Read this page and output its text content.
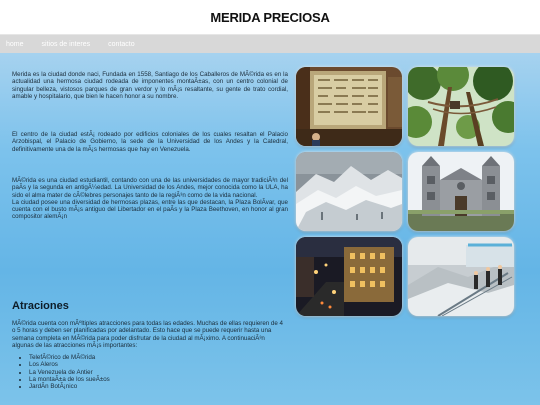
MERIDA PRECIOSA
home	sitios de interes	contacto

Merida es la ciudad donde naci, Fundada en 1558, Santiago de los Caballeros de MÃ©rida es en la actualidad una hermosa ciudad rodeada de imponentes montaÃ±as, con un centro colonial de singular belleza, vistosos parques de gran verdor y lo mÃ¡s resaltante, su gente de trato cordial, amable y hospitalario, que bien le hacen honor a su nombre.

El centro de la ciudad estÃ¡ rodeado por edificios coloniales de los cuales resaltan el Palacio Arzobispal, el Palacio de Gobierno, la sede de la Universidad de los Andes y la Catedral, definitivamente una de la mÃ¡s hermosas que hay en Venezuela.

MÃ©rida es una ciudad estudiantil, contando con una de las universidades de mayor tradiciÃ³n del paÃs y la segunda en antigÃ¼edad. La Universidad de los Andes, mejor conocida como la ULA, ha sido el alma mater de cÃ©lebres personajes tanto de la regiÃ³n como de la vida nacional.

La ciudad posee una diversidad de hermosas plazas, entre las que destacan, la Plaza BolÃvar, que cuenta con el busto mÃ¡s antiguo del Libertador en el paÃs y la Plaza Beethoven, en honor al gran compositor alemÃ¡n

Atraciones

MÃ©rida cuenta con mÃºltiples atracciones para todas las edades. Muchas de ellas requieren de 4 o 5 horas y deben ser planificadas por adelantado. Esto hace que se puede requerir hasta una semana completa en MÃ©rida para poder disfrutar de la ciudad al mÃ¡ximo. A continuaciÃ³n algunas de las atracciones mÃ¡s importantes:

• TelefÃ©rico de MÃ©rida
• Los Aleros
• La Venezuela de Antier
• La montaÃ±a de los sueÃ±os
• JardÃn BotÃ¡nico
